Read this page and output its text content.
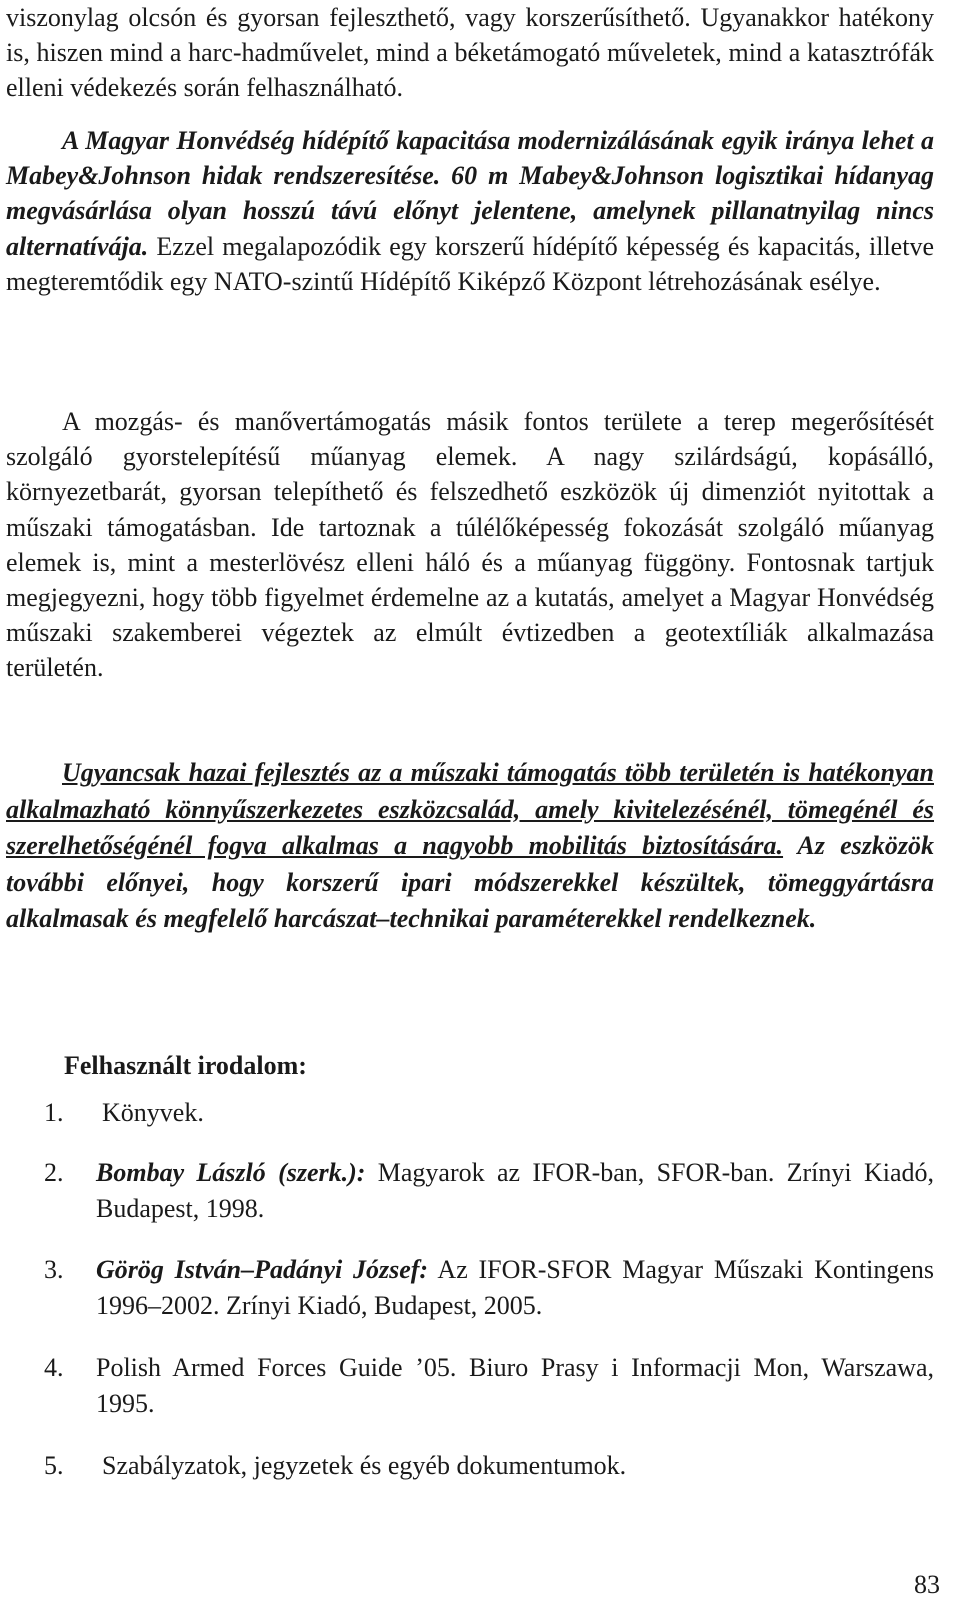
viszonylag olcsón és gyorsan fejleszthető, vagy korszerűsíthető. Ugyanakkor hatékony is, hiszen mind a harc-hadművelet, mind a béketámogató műveletek, mind a katasztrófák elleni védekezés során felhasználható.

A Magyar Honvédség hídépítő kapacitása modernizálásának egyik iránya lehet a Mabey&Johnson hidak rendszeresítése. 60 m Mabey&Johnson logisztikai hídanyag megvásárlása olyan hosszú távú előnyt jelentene, amelynek pillanatnyilag nincs alternatívája. Ezzel megalapozódik egy korszerű hídépítő képesség és kapacitás, illetve megteremtődik egy NATO-szintű Hídépítő Kiképző Központ létrehozásának esélye.

A mozgás- és manővertámogatás másik fontos területe a terep megerősítését szolgáló gyorstelepítésű műanyag elemek. A nagy szilárdságú, kopásálló, környezetbarát, gyorsan telepíthető és felszedhető eszközök új dimenziót nyitottak a műszaki támogatásban. Ide tartoznak a túlélőképesség fokozását szolgáló műanyag elemek is, mint a mesterlövész elleni háló és a műanyag függöny. Fontosnak tartjuk megjegyezni, hogy több figyelmet érdemelne az a kutatás, amelyet a Magyar Honvédség műszaki szakemberei végeztek az elmúlt évtizedben a geotextíliák alkalmazása területén.

Ugyancsak hazai fejlesztés az a műszaki támogatás több területén is hatékonyan alkalmazható könnyűszerkezetes eszközcsalád, amely kivitelezésénél, tömegénél és szerelhetőségénél fogva alkalmas a nagyobb mobilitás biztosítására. Az eszközök további előnyei, hogy korszerű ipari módszerekkel készültek, tömeggyártásra alkalmasak és megfelelő harcászat–technikai paraméterekkel rendelkeznek.

Felhasznált irodalom:

1. Könyvek.
2. Bombay László (szerk.): Magyarok az IFOR-ban, SFOR-ban. Zrínyi Kiadó, Budapest, 1998.
3. Görög István–Padányi József: Az IFOR-SFOR Magyar Műszaki Kontingens 1996–2002. Zrínyi Kiadó, Budapest, 2005.
4. Polish Armed Forces Guide ’05. Biuro Prasy i Informacji Mon, Warszawa, 1995.
5. Szabályzatok, jegyzetek és egyéb dokumentumok.
83
